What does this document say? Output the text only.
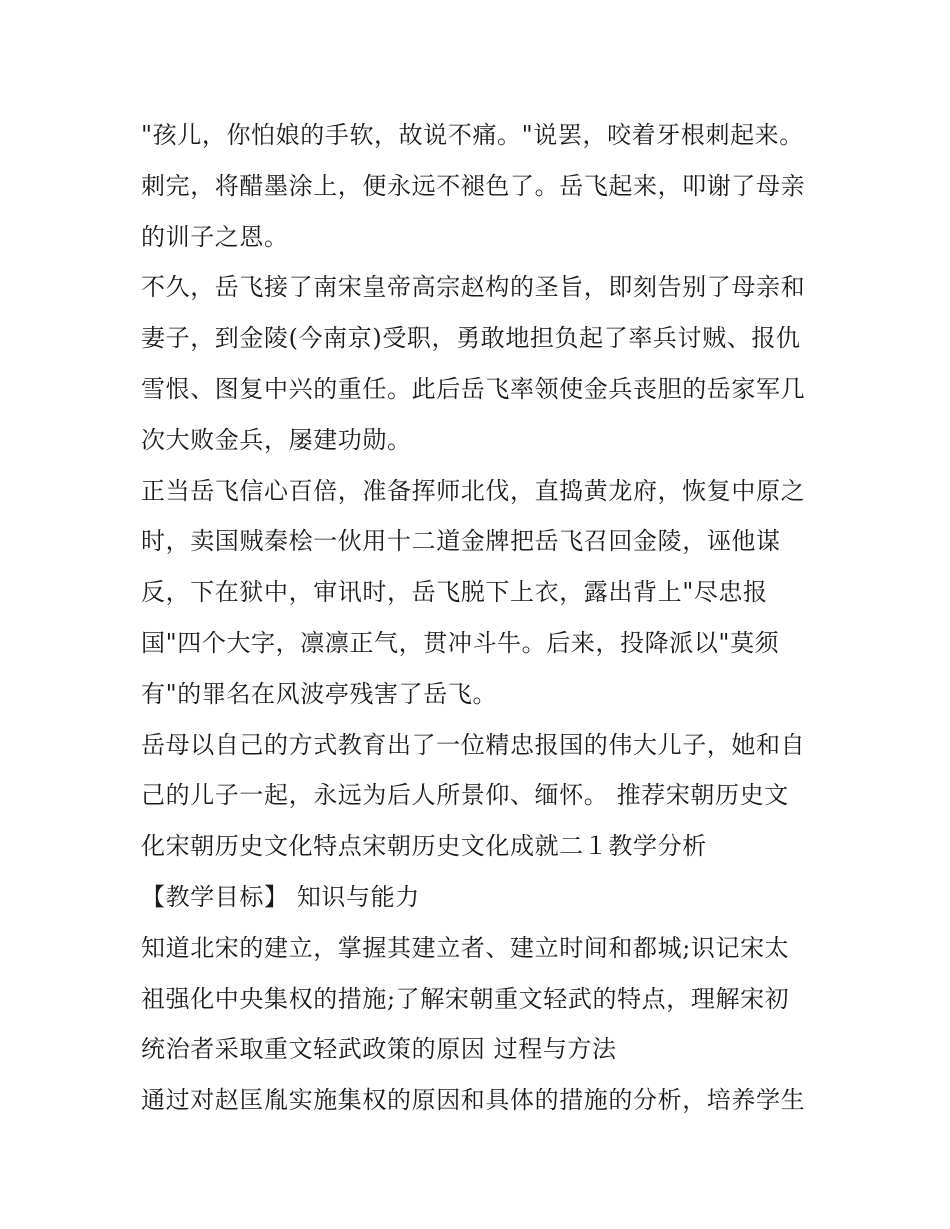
"孩儿，你怕娘的手软，故说不痛。"说罢，咬着牙根刺起来。
刺完，将醋墨涂上，便永远不褪色了。岳飞起来，叩谢了母亲
的训子之恩。

不久，岳飞接了南宋皇帝高宗赵构的圣旨，即刻告别了母亲和
妻子，到金陵(今南京)受职，勇敢地担负起了率兵讨贼、报仇
雪恨、图复中兴的重任。此后岳飞率领使金兵丧胆的岳家军几
次大败金兵，屡建功勋。

正当岳飞信心百倍，准备挥师北伐，直捣黄龙府，恢复中原之
时，卖国贼秦桧一伙用十二道金牌把岳飞召回金陵，诬他谋
反，下在狱中，审讯时，岳飞脱下上衣，露出背上"尽忠报
国"四个大字，凛凛正气，贯冲斗牛。后来，投降派以"莫须
有"的罪名在风波亭残害了岳飞。

岳母以自己的方式教育出了一位精忠报国的伟大儿子，她和自
己的儿子一起，永远为后人所景仰、缅怀。 推荐宋朝历史文
化宋朝历史文化特点宋朝历史文化成就二１教学分析

【教学目标】 知识与能力

知道北宋的建立，掌握其建立者、建立时间和都城;识记宋太
祖强化中央集权的措施;了解宋朝重文轻武的特点，理解宋初
统治者采取重文轻武政策的原因 过程与方法

通过对赵匡胤实施集权的原因和具体的措施的分析，培养学生
